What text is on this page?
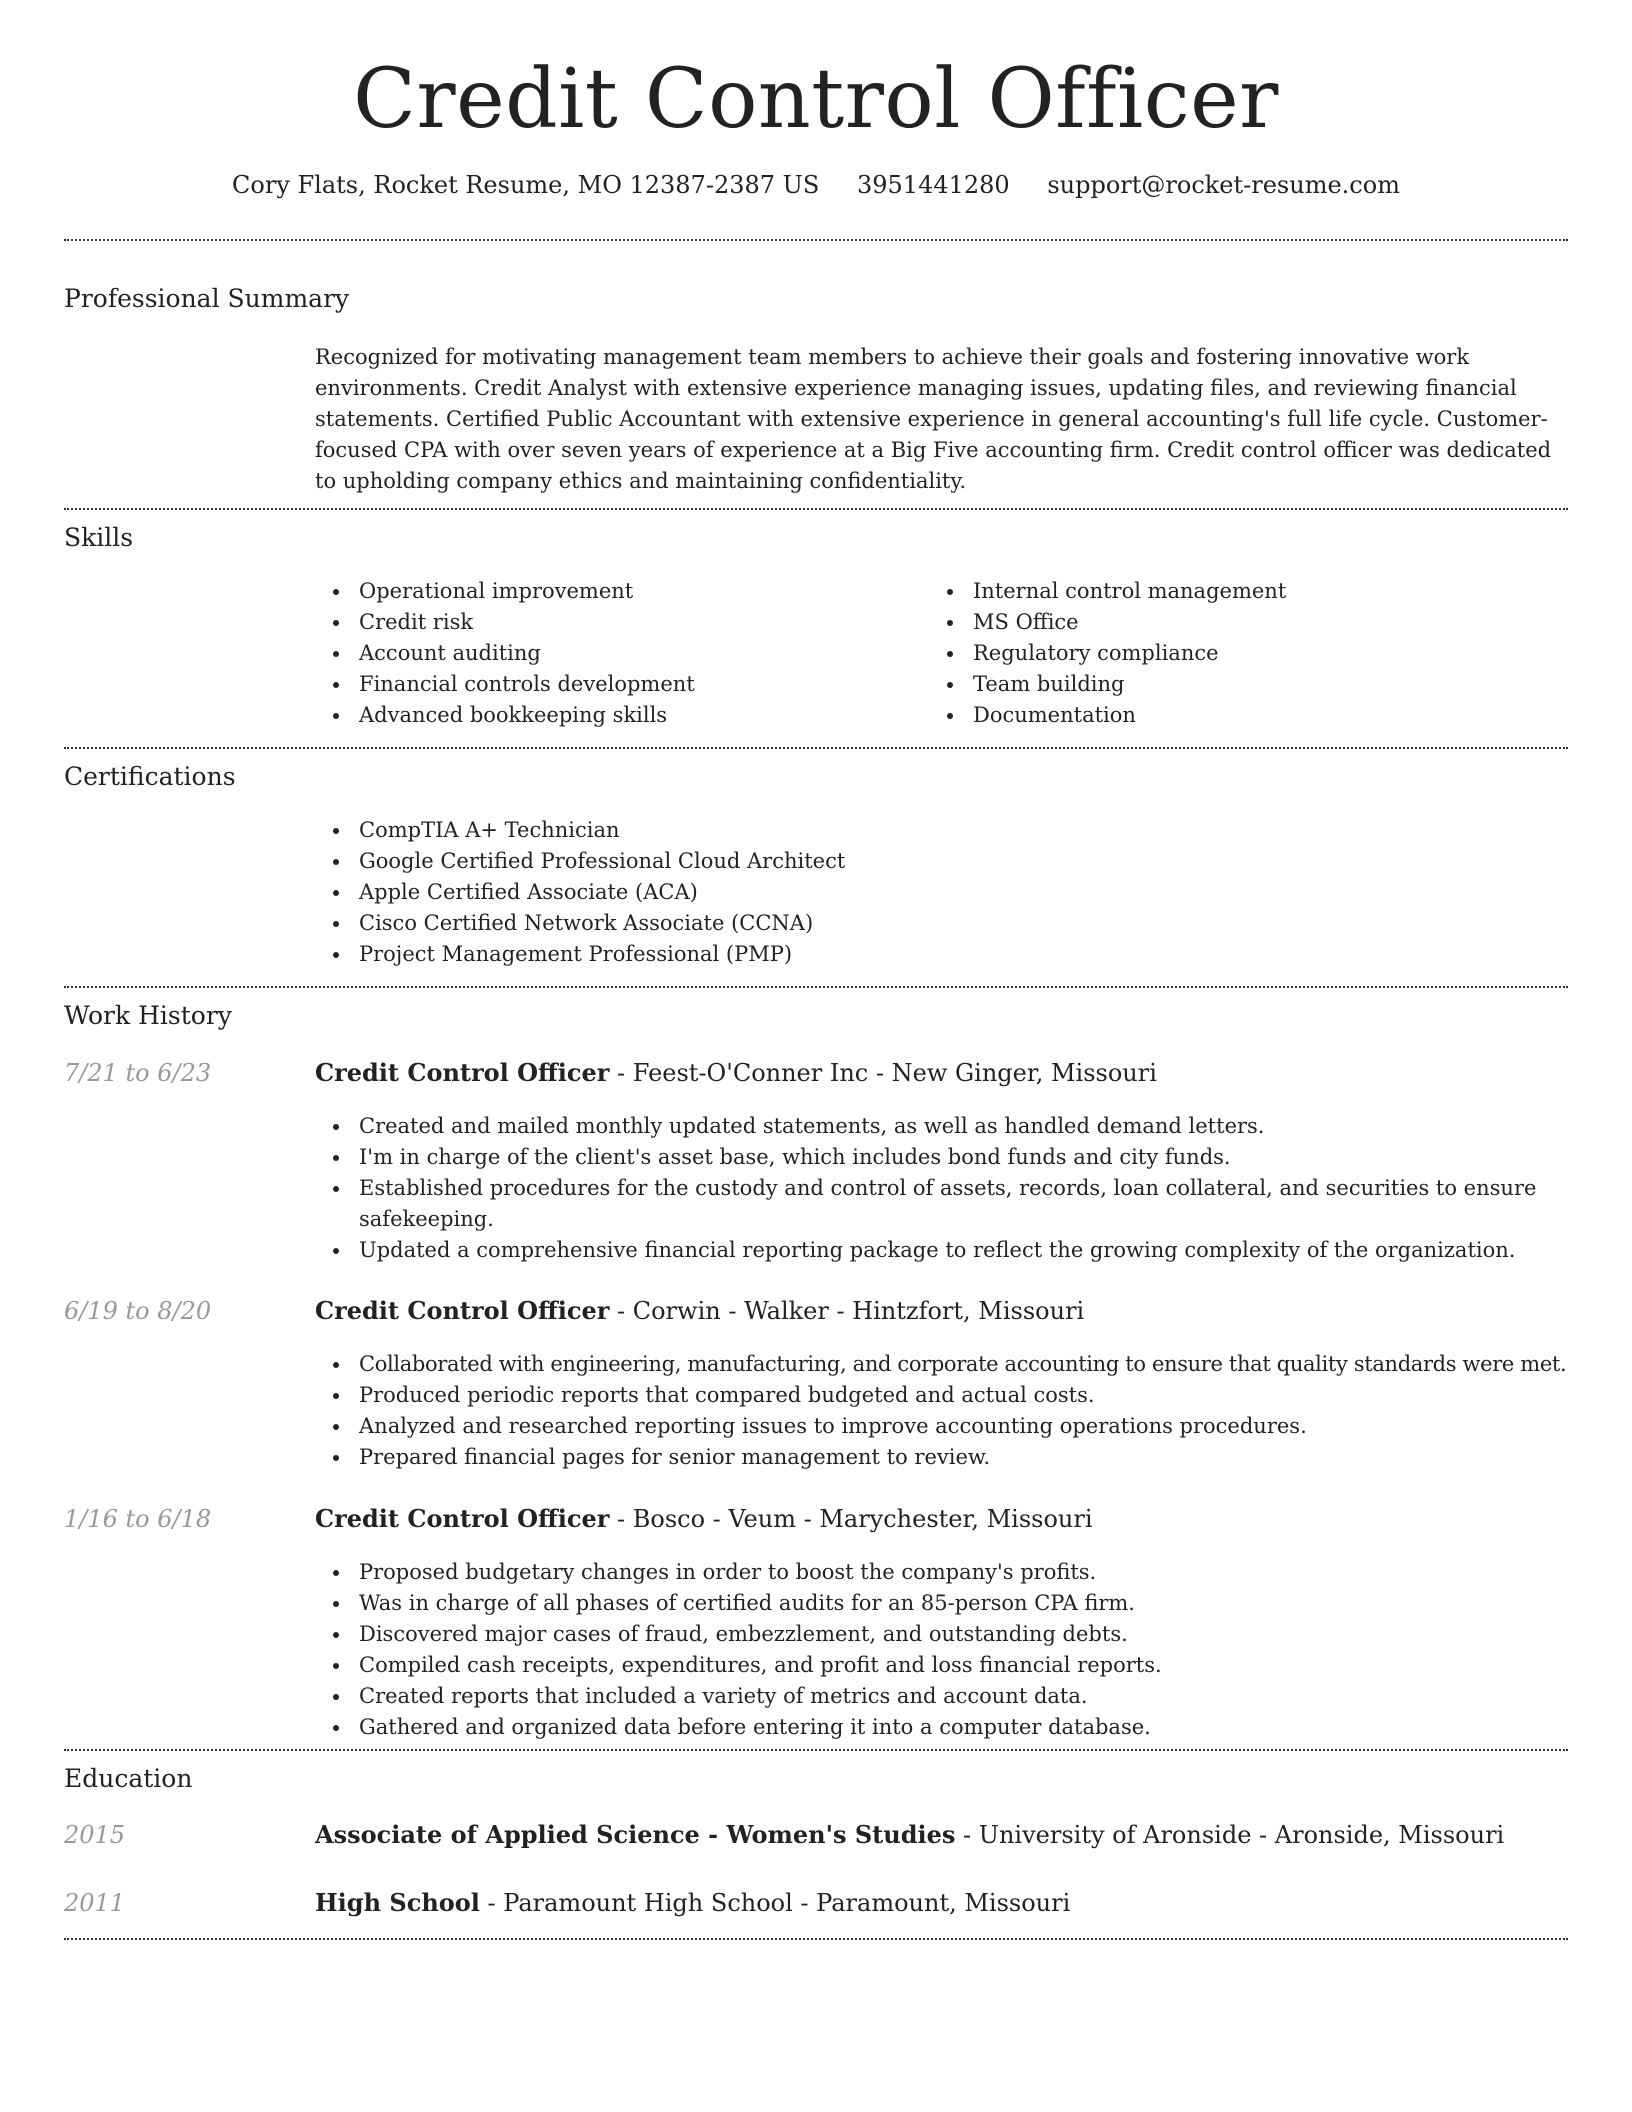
Credit Control Officer
Cory Flats, Rocket Resume, MO 12387-2387 US 3951441280 support@rocket-resume.com
Professional Summary

Recognized for motivating management team members to achieve their goals and fostering innovative work environments. Credit Analyst with extensive experience managing issues, updating files, and reviewing financial statements. Certified Public Accountant with extensive experience in general accounting's full life cycle. Customer-focused CPA with over seven years of experience at a Big Five accounting firm. Credit control officer was dedicated to upholding company ethics and maintaining confidentiality.

Skills
Operational improvement
Credit risk
Account auditing
Financial controls development
Advanced bookkeeping skills
Internal control management
MS Office
Regulatory compliance
Team building
Documentation
Certifications
CompTIA A+ Technician
Google Certified Professional Cloud Architect
Apple Certified Associate (ACA)
Cisco Certified Network Associate (CCNA)
Project Management Professional (PMP)
Work History
7/21 to 6/23	Credit Control Officer - Feest-O'Conner Inc - New Ginger, Missouri
Created and mailed monthly updated statements, as well as handled demand letters.
I'm in charge of the client's asset base, which includes bond funds and city funds.
Established procedures for the custody and control of assets, records, loan collateral, and securities to ensure safekeeping.
Updated a comprehensive financial reporting package to reflect the growing complexity of the organization.
6/19 to 8/20	Credit Control Officer - Corwin - Walker - Hintzfort, Missouri
Collaborated with engineering, manufacturing, and corporate accounting to ensure that quality standards were met.
Produced periodic reports that compared budgeted and actual costs.
Analyzed and researched reporting issues to improve accounting operations procedures.
Prepared financial pages for senior management to review.
1/16 to 6/18	Credit Control Officer - Bosco - Veum - Marychester, Missouri
Proposed budgetary changes in order to boost the company's profits.
Was in charge of all phases of certified audits for an 85-person CPA firm.
Discovered major cases of fraud, embezzlement, and outstanding debts.
Compiled cash receipts, expenditures, and profit and loss financial reports.
Created reports that included a variety of metrics and account data.
Gathered and organized data before entering it into a computer database.
Education
2015	Associate of Applied Science - Women's Studies - University of Aronside - Aronside, Missouri
2011	High School - Paramount High School - Paramount, Missouri
